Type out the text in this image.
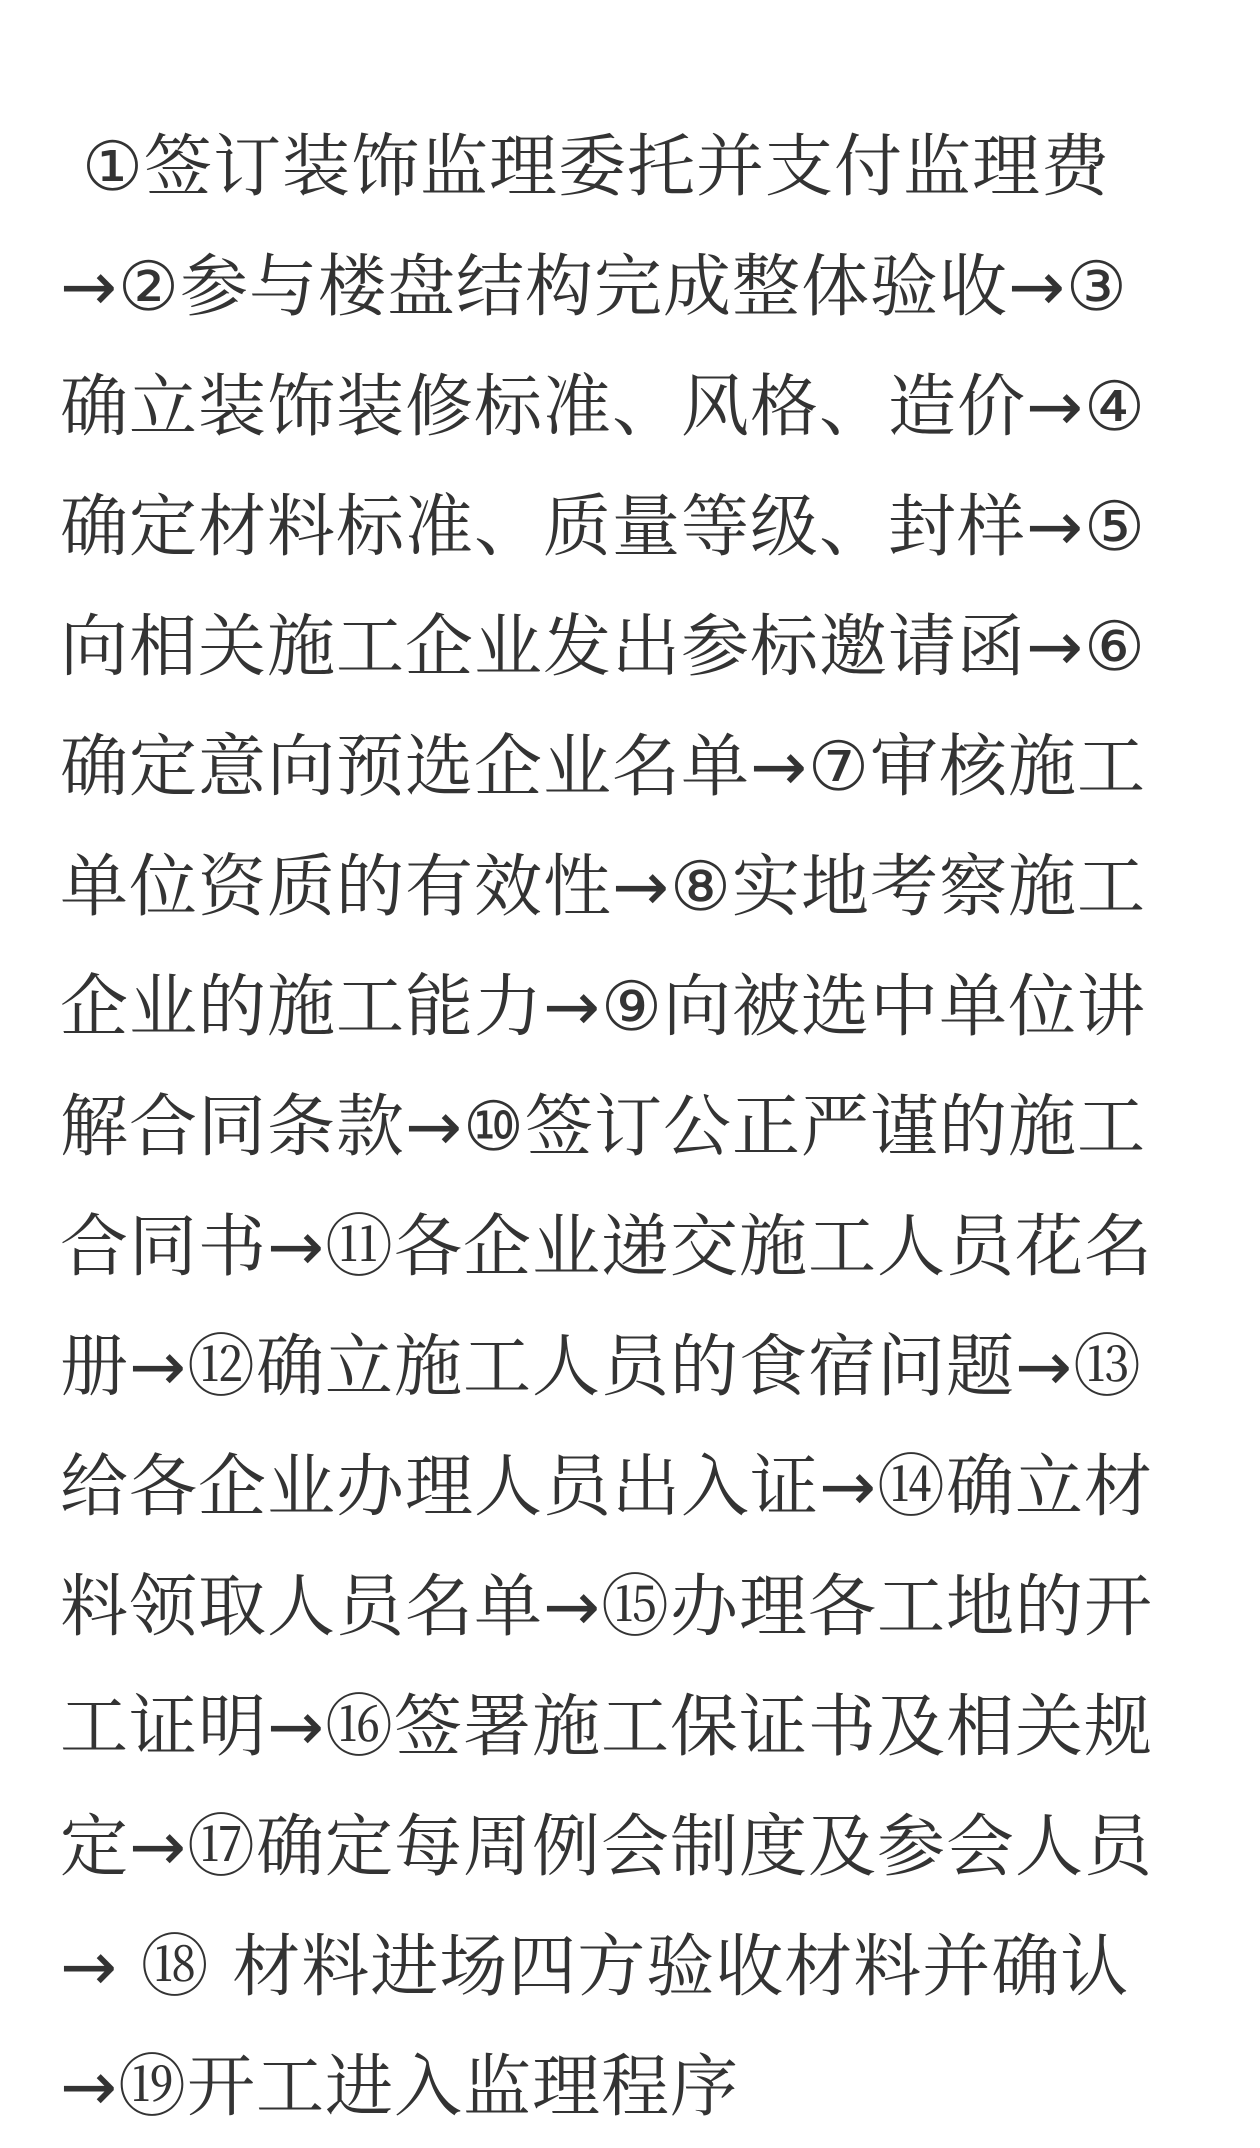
①签订装饰监理委托并支付监理费
→②参与楼盘结构完成整体验收→③
确立装饰装修标准、风格、造价→④
确定材料标准、质量等级、封样→⑤
向相关施工企业发出参标邀请函→⑥
确定意向预选企业名单→⑦审核施工
单位资质的有效性→⑧实地考察施工
企业的施工能力→⑨向被选中单位讲
解合同条款→⑩签订公正严谨的施工
合同书→⑪各企业递交施工人员花名
册→⑫确立施工人员的食宿问题→⑬
给各企业办理人员出入证→⑭确立材
料领取人员名单→⑮办理各工地的开
工证明→⑯签署施工保证书及相关规
定→⑰确定每周例会制度及参会人员
→ ⑱ 材料进场四方验收材料并确认
→⑲开工进入监理程序
